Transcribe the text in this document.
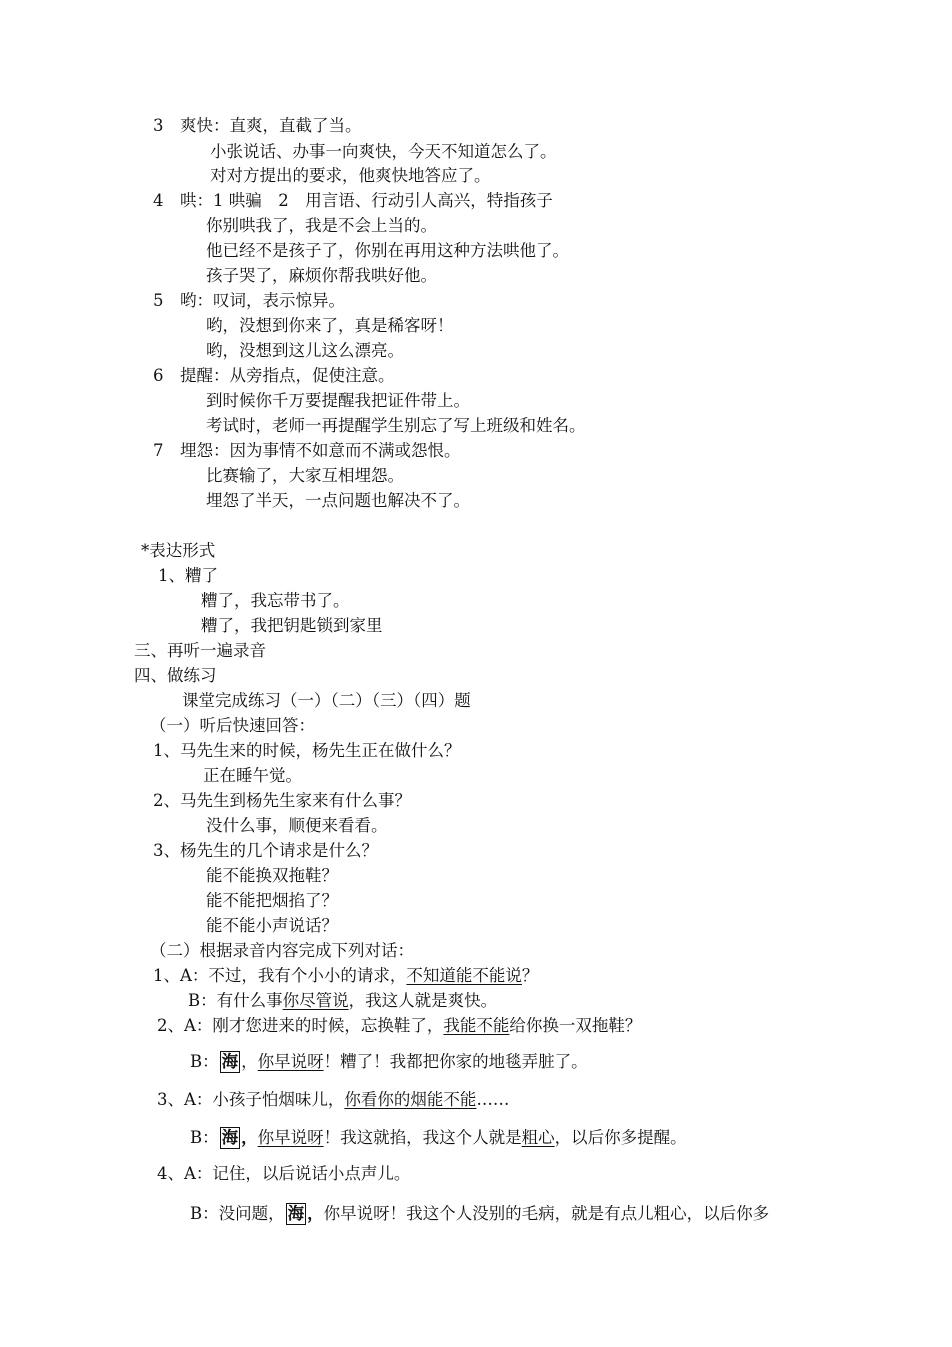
3　爽快：直爽，直截了当。
小张说话、办事一向爽快，今天不知道怎么了。
对对方提出的要求，他爽快地答应了。
4　哄：1 哄骗　2　用言语、行动引人高兴，特指孩子
你别哄我了，我是不会上当的。
他已经不是孩子了，你别在再用这种方法哄他了。
孩子哭了，麻烦你帮我哄好他。
5　哟：叹词，表示惊异。
哟，没想到你来了，真是稀客呀！
哟，没想到这儿这么漂亮。
6　提醒：从旁指点，促使注意。
到时候你千万要提醒我把证件带上。
考试时，老师一再提醒学生别忘了写上班级和姓名。
7　埋怨：因为事情不如意而不满或怨恨。
比赛输了，大家互相埋怨。
埋怨了半天，一点问题也解决不了。
*表达形式
1、糟了
糟了，我忘带书了。
糟了，我把钥匙锁到家里
三、再听一遍录音
四、做练习
课堂完成练习（一）（二）（三）（四）题
（一）听后快速回答：
1、马先生来的时候，杨先生正在做什么？
正在睡午觉。
2、马先生到杨先生家来有什么事？
没什么事，顺便来看看。
3、杨先生的几个请求是什么？
能不能换双拖鞋？
能不能把烟掐了？
能不能小声说话？
（二）根据录音内容完成下列对话：
1、A：不过，我有个小小的请求，不知道能不能说？
B：有什么事你尽管说，我这人就是爽快。
2、A：刚才您进来的时候，忘换鞋了，我能不能给你换一双拖鞋？
B： 海 ，你早说呀！糟了！我都把你家的地毯弄脏了。
3、A：小孩子怕烟味儿，你看你的烟能不能……
B： 海 ，你早说呀！我这就掐，我这个人就是粗心，以后你多提醒。
4、A：记住，以后说话小点声儿。
B：没问题， 海 ，你早说呀！我这个人没别的毛病，就是有点儿粗心，以后你多
